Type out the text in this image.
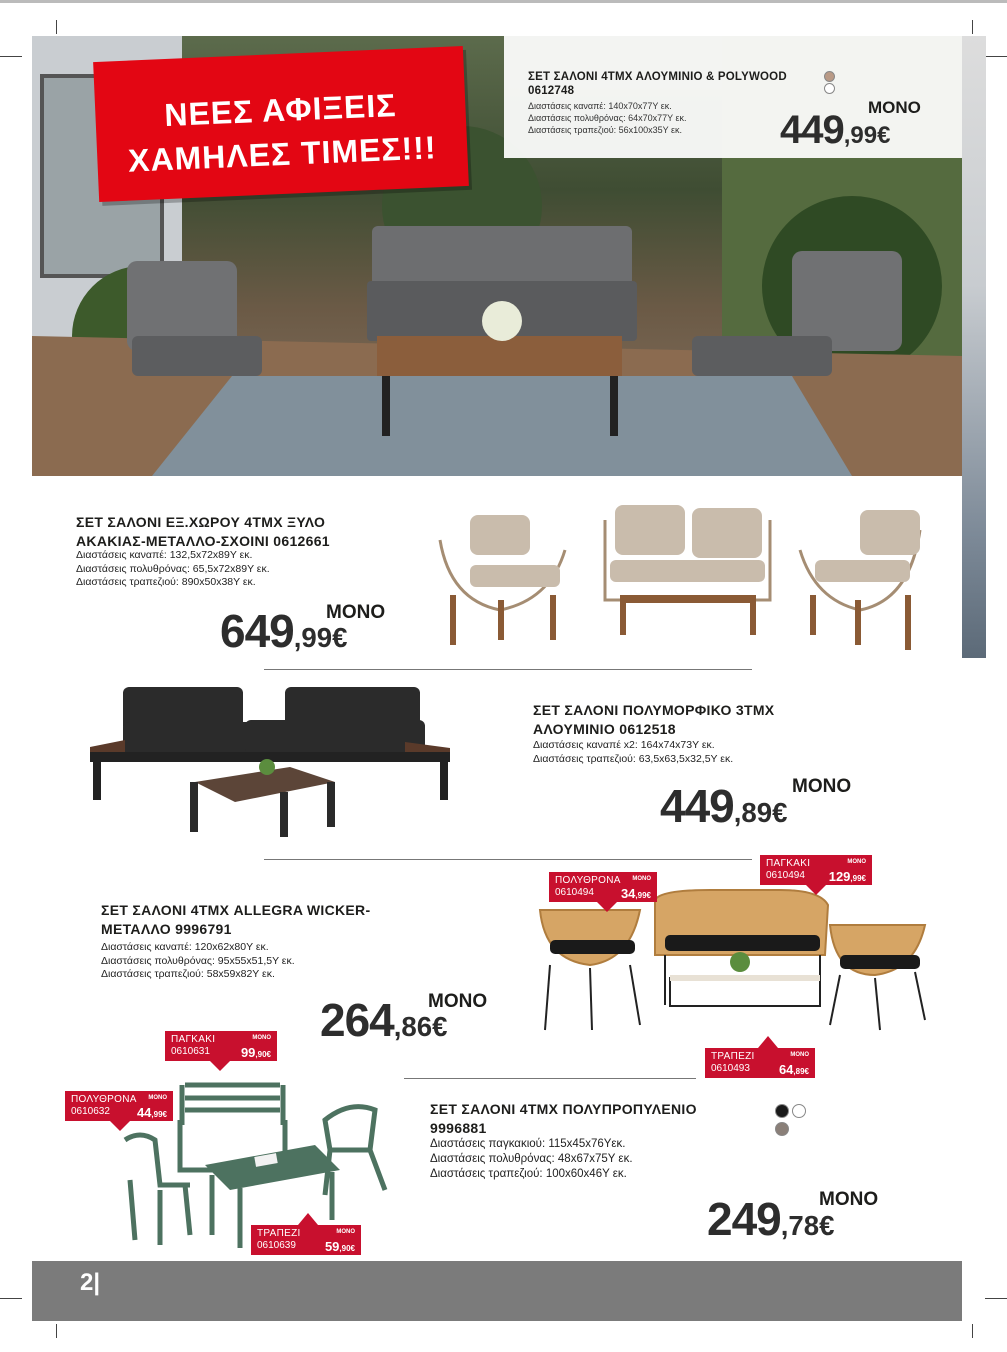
ΝΕΕΣ ΑΦΙΞΕΙΣ
ΧΑΜΗΛΕΣ ΤΙΜΕΣ!!!
ΣΕΤ ΣΑΛΟΝΙ 4ΤΜΧ ΑΛΟΥΜΙΝΙΟ & POLYWOOD
0612748
Διαστάσεις καναπέ: 140x70x77Υ εκ.
Διαστάσεις πολυθρόνας: 64x70x77Υ εκ.
Διαστάσεις τραπεζιού: 56x100x35Υ εκ.
ΜΟΝΟ
449,99€
ΣΕΤ ΣΑΛΟΝΙ ΕΞ.ΧΩΡΟΥ 4ΤΜΧ ΞΥΛΟ
ΑΚΑΚΙΑΣ-ΜΕΤΑΛΛΟ-ΣΧΟΙΝΙ 0612661
Διαστάσεις καναπέ: 132,5x72x89Υ εκ.
Διαστάσεις πολυθρόνας: 65,5x72x89Υ εκ.
Διαστάσεις τραπεζιού: 890x50x38Υ εκ.
ΜΟΝΟ
649,99€
ΣΕΤ ΣΑΛΟΝΙ ΠΟΛΥΜΟΡΦΙΚΟ 3ΤΜΧ
ΑΛΟΥΜΙΝΙΟ 0612518
Διαστάσεις καναπέ x2: 164x74x73Υ εκ.
Διαστάσεις τραπεζιού: 63,5x63,5x32,5Υ εκ.
ΜΟΝΟ
449,89€
ΣΕΤ ΣΑΛΟΝΙ 4ΤΜΧ ALLEGRA WICKER-
ΜΕΤΑΛΛΟ 9996791
Διαστάσεις καναπέ: 120x62x80Υ εκ.
Διαστάσεις πολυθρόνας: 95x55x51,5Υ εκ.
Διαστάσεις τραπεζιού: 58x59x82Υ εκ.
ΜΟΝΟ
264,86€
ΠΟΛΥΘΡΟΝΑ
0610494
ΜΟΝΟ
34,99€
ΠΑΓΚΑΚΙ
0610494
ΜΟΝΟ
129,99€
ΤΡΑΠΕΖΙ
0610493
ΜΟΝΟ
64,89€
ΠΑΓΚΑΚΙ
0610631
ΜΟΝΟ
99,90€
ΠΟΛΥΘΡΟΝΑ
0610632
ΜΟΝΟ
44,99€
ΤΡΑΠΕΖΙ
0610639
ΜΟΝΟ
59,90€
ΣΕΤ ΣΑΛΟΝΙ 4ΤΜΧ ΠΟΛΥΠΡΟΠΥΛΕΝΙΟ
9996881
Διαστάσεις παγκακιού: 115x45x76Υεκ.
Διαστάσεις πολυθρόνας: 48x67x75Υ εκ.
Διαστάσεις τραπεζιού: 100x60x46Υ εκ.
ΜΟΝΟ
249,78€
2|
